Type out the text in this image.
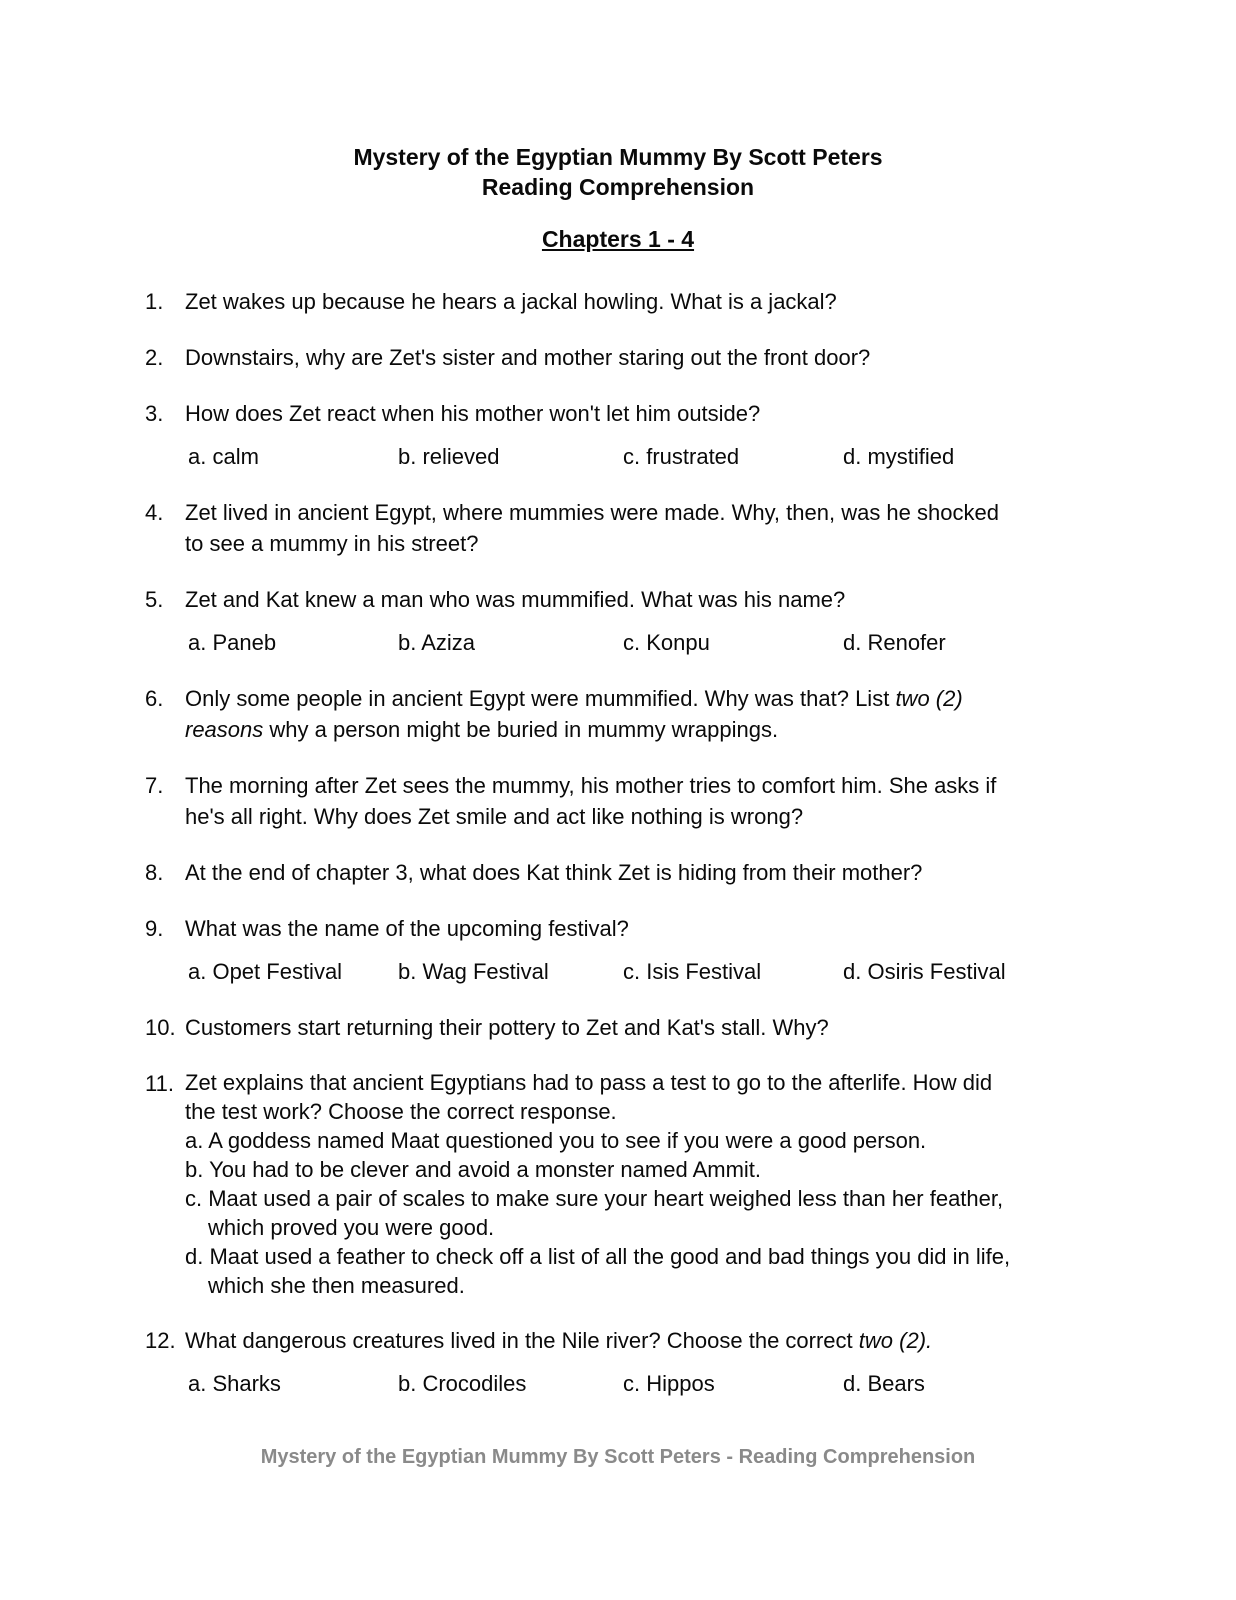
Mystery of the Egyptian Mummy By Scott Peters
Reading Comprehension
Chapters 1 - 4
1. Zet wakes up because he hears a jackal howling. What is a jackal?
2. Downstairs, why are Zet's sister and mother staring out the front door?
3. How does Zet react when his mother won't let him outside?
a. calm	b. relieved	c. frustrated	d. mystified
4. Zet lived in ancient Egypt, where mummies were made. Why, then, was he shocked
to see a mummy in his street?
5. Zet and Kat knew a man who was mummified. What was his name?
a. Paneb	b. Aziza	c. Konpu	d. Renofer
6. Only some people in ancient Egypt were mummified. Why was that? List two (2)
reasons why a person might be buried in mummy wrappings.
7. The morning after Zet sees the mummy, his mother tries to comfort him. She asks if
he's all right. Why does Zet smile and act like nothing is wrong?
8. At the end of chapter 3, what does Kat think Zet is hiding from their mother?
9. What was the name of the upcoming festival?
a. Opet Festival	b. Wag Festival	c. Isis Festival	d. Osiris Festival
10. Customers start returning their pottery to Zet and Kat's stall. Why?
11. Zet explains that ancient Egyptians had to pass a test to go to the afterlife. How did
the test work? Choose the correct response.
a. A goddess named Maat questioned you to see if you were a good person.
b. You had to be clever and avoid a monster named Ammit.
c. Maat used a pair of scales to make sure your heart weighed less than her feather,
which proved you were good.
d. Maat used a feather to check off a list of all the good and bad things you did in life,
which she then measured.
12. What dangerous creatures lived in the Nile river? Choose the correct two (2).
a. Sharks	b. Crocodiles	c. Hippos	d. Bears
Mystery of the Egyptian Mummy By Scott Peters - Reading Comprehension
